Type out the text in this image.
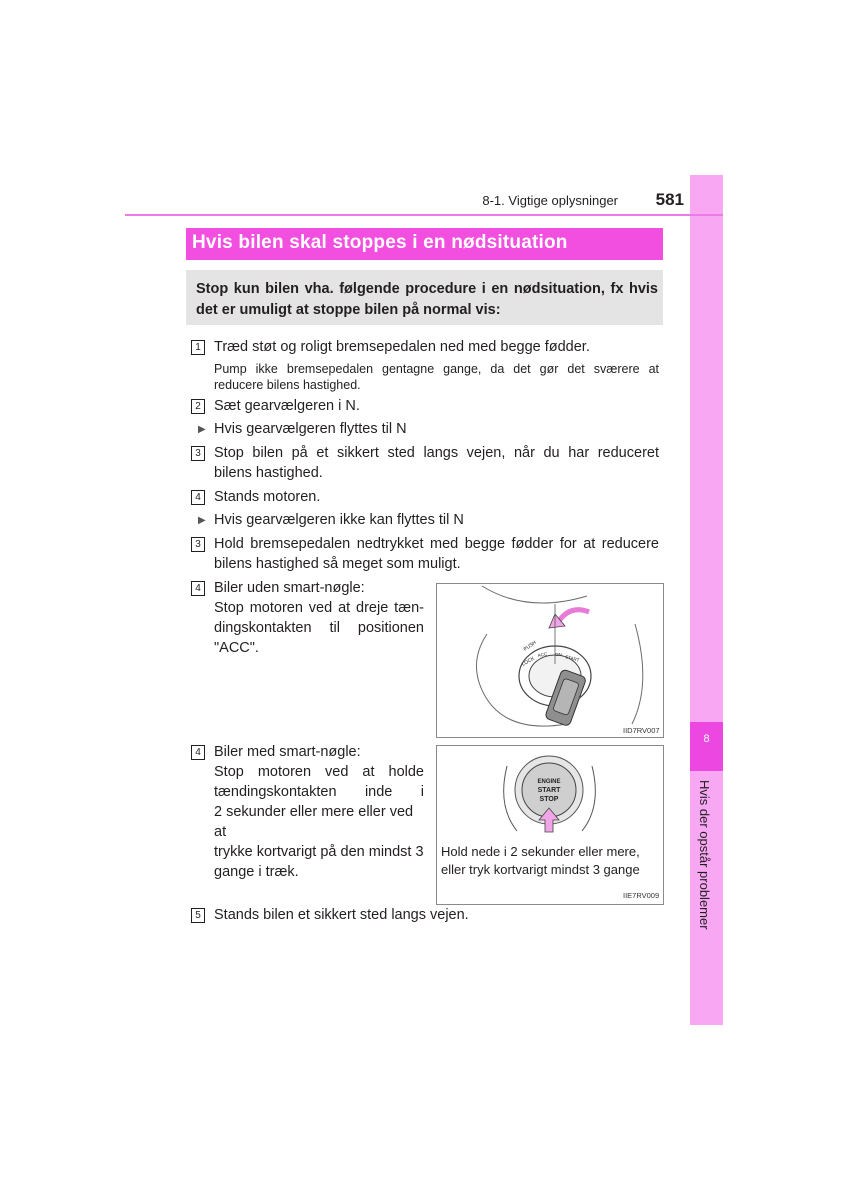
8
Hvis der opstår problemer
8-1. Vigtige oplysninger	581
Hvis bilen skal stoppes i en nødsituation
Stop kun bilen vha. følgende procedure i en nødsituation, fx hvis
det er umuligt at stoppe bilen på normal vis:
1 Træd støt og roligt bremsepedalen ned med begge fødder.
Pump ikke bremsepedalen gentagne gange, da det gør det sværere at
reducere bilens hastighed.
2 Sæt gearvælgeren i N.
▶ Hvis gearvælgeren flyttes til N
3 Stop bilen på et sikkert sted langs vejen, når du har reduceret
bilens hastighed.
4 Stands motoren.
▶ Hvis gearvælgeren ikke kan flyttes til N
3 Hold bremsepedalen nedtrykket med begge fødder for at reducere
bilens hastighed så meget som muligt.
4 Biler uden smart-nøgle:
Stop motoren ved at dreje tæn-
dingskontakten til positionen
"ACC".	PUSH
LOCK
ACC ON START
IID7RV007
4 Biler med smart-nøgle:
Stop motoren ved at holde
tændingskontakten inde i
2 sekunder eller mere eller ved at
trykke kortvarigt på den mindst 3
gange i træk.
ENGINE
START
STOP
Hold nede i 2 sekunder eller mere,
eller tryk kortvarigt mindst 3 gange
IIE7RV009
5 Stands bilen et sikkert sted langs vejen.
